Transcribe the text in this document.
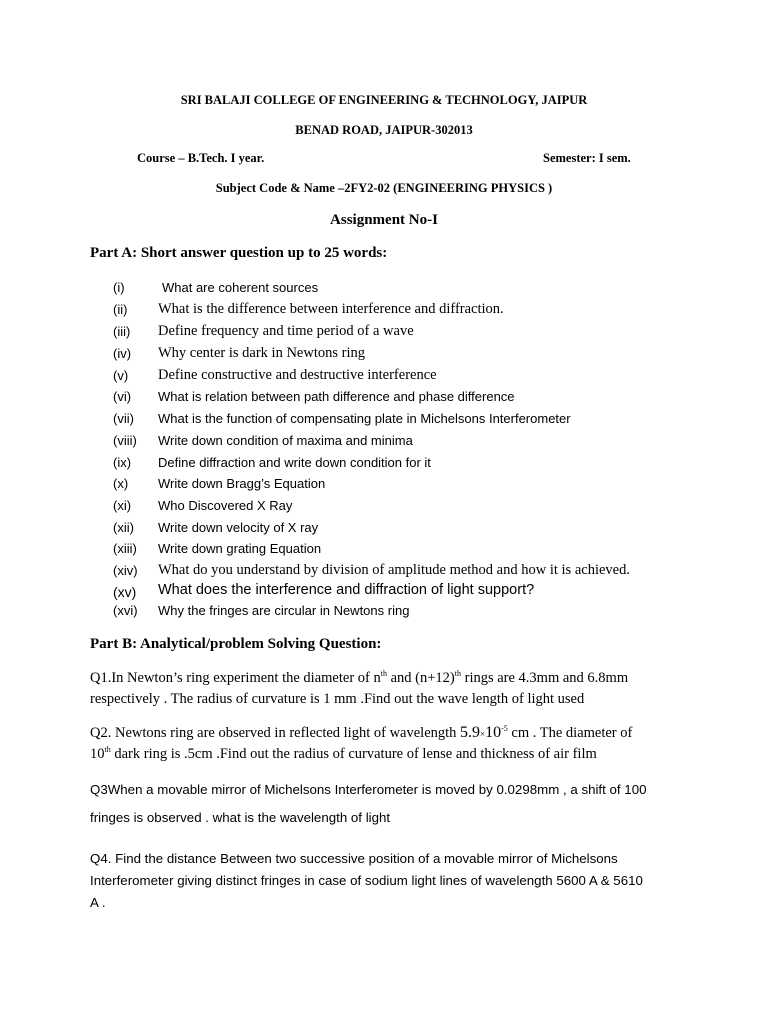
SRI BALAJI COLLEGE OF ENGINEERING & TECHNOLOGY, JAIPUR
BENAD ROAD, JAIPUR-302013
Course – B.Tech. I year.	Semester: I sem.
Subject Code & Name –2FY2-02 (ENGINEERING PHYSICS )
Assignment No-I
Part A: Short answer question up to 25 words:
(i)	What are coherent sources
(ii) What is the difference between interference and diffraction.
(iii) Define frequency and time period of a wave
(iv) Why center is dark in Newtons ring
(v) Define constructive and destructive interference
(vi) What is relation between path difference and phase difference
(vii) What is the function of compensating plate in Michelsons Interferometer
(viii) Write down condition of maxima and minima
(ix) Define diffraction and write down condition for it
(x) Write down Bragg’s Equation
(xi) Who Discovered X Ray
(xii) Write down velocity of X ray
(xiii) Write down grating Equation
(xiv) What do you understand by division of amplitude method and how it is achieved.
(xv) What does the interference and diffraction of light support?
(xvi) Why the fringes are circular in Newtons ring
Part B: Analytical/problem Solving Question:
Q1.In Newton’s ring experiment the diameter of $n^{th}$ and $(n+12)^{th}$ rings are 4.3mm and 6.8mm
respectively . The radius of curvature is 1 mm .Find out the wave length of light used
Q2. Newtons ring are observed in reflected light of wavelength $5.9\times 10^{-5}$ cm . The diameter of
10th dark ring is .5cm .Find out the radius of curvature of lense and thickness of air film
Q3When a movable mirror of Michelsons Interferometer is moved by 0.0298mm , a shift of 100
fringes is observed . what is the wavelength of light
Q4. Find the distance Between two successive position of a movable mirror of Michelsons
Interferometer giving distinct fringes in case of sodium light lines of wavelength 5600 A & 5610
A .
